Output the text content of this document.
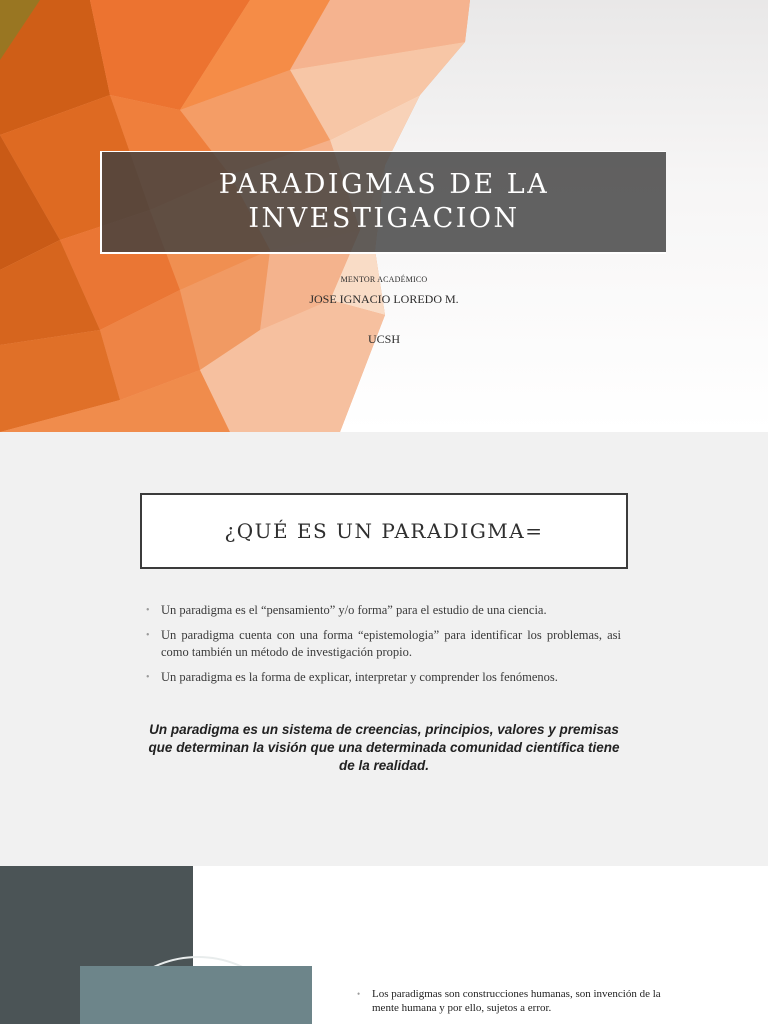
PARADIGMAS DE LA
INVESTIGACION
MENTOR ACADÉMICO
JOSE IGNACIO LOREDO M.
UCSH
¿QUÉ ES UN PARADIGMA=
• Un paradigma es el “pensamiento” y/o forma” para el estudio de una ciencia.
• Un paradigma cuenta con una forma “epistemologia” para identificar los problemas, asi como también un método de investigación propio.
• Un paradigma es la forma de explicar, interpretar y comprender los fenómenos.
Un paradigma es un sistema de creencias, principios, valores y premisas que determinan la visión que una determinada comunidad científica tiene de la realidad.
• Los paradigmas son construcciones humanas, son invención de la mente humana y por ello, sujetos a error.
